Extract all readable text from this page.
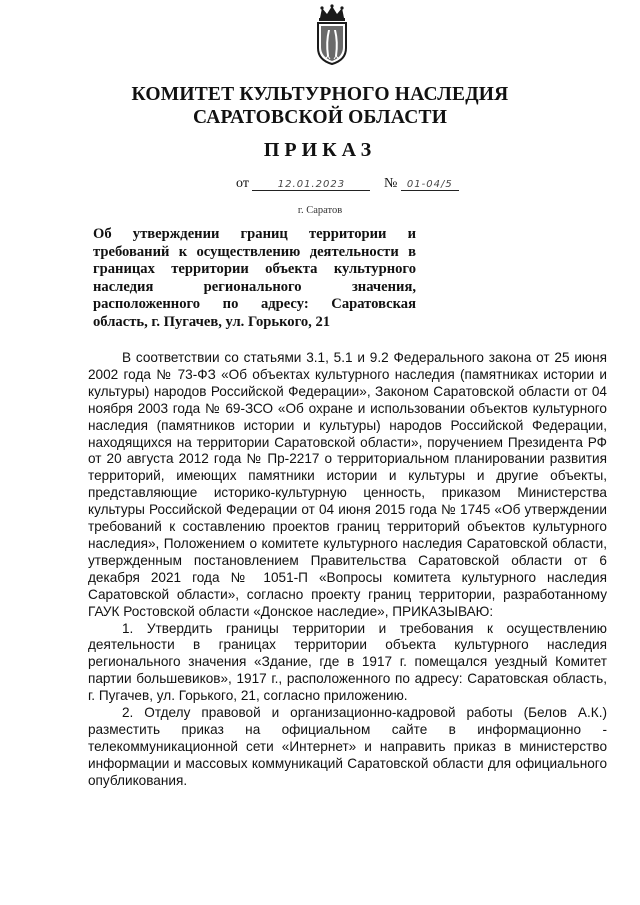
КОМИТЕТ КУЛЬТУРНОГО НАСЛЕДИЯ
САРАТОВСКОЙ ОБЛАСТИ
ПРИКАЗ
от	12.01.2023	№ 01-04/5
г. Саратов
Об утверждении границ территории и требований к осуществлению деятельности в границах территории объекта культурного наследия регионального значения, расположенного по адресу: Саратовская область, г. Пугачев, ул. Горького, 21

В соответствии со статьями 3.1, 5.1 и 9.2 Федерального закона от 25 июня 2002 года № 73-ФЗ «Об объектах культурного наследия (памятниках истории и культуры) народов Российской Федерации», Законом Саратовской области от 04 ноября 2003 года № 69-ЗСО «Об охране и использовании объектов культурного наследия (памятников истории и культуры) народов Российской Федерации, находящихся на территории Саратовской области», поручением Президента РФ от 20 августа 2012 года № Пр-2217 о территориальном планировании развития территорий, имеющих памятники истории и культуры и другие объекты, представляющие историко-культурную ценность, приказом Министерства культуры Российской Федерации от 04 июня 2015 года № 1745 «Об утверждении требований к составлению проектов границ территорий объектов культурного наследия», Положением о комитете культурного наследия Саратовской области, утвержденным постановлением Правительства Саратовской области от 6 декабря 2021 года № 1051-П «Вопросы комитета культурного наследия Саратовской области», согласно проекту границ территории, разработанному ГАУК Ростовской области «Донское наследие», ПРИКАЗЫВАЮ:

1. Утвердить границы территории и требования к осуществлению деятельности в границах территории объекта культурного наследия регионального значения «Здание, где в 1917 г. помещался уездный Комитет партии большевиков», 1917 г., расположенного по адресу: Саратовская область, г. Пугачев, ул. Горького, 21, согласно приложению.
2. Отделу правовой и организационно-кадровой работы (Белов А.К.) разместить приказ на официальном сайте в информационно - телекоммуникационной сети «Интернет» и направить приказ в министерство информации и массовых коммуникаций Саратовской области для официального опубликования.
